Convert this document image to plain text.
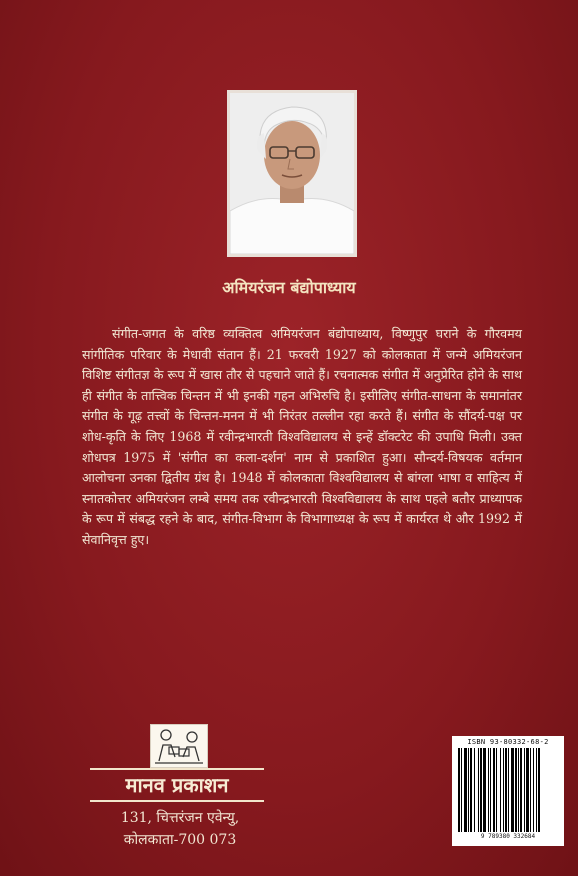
अमियरंजन बंद्योपाध्याय
संगीत-जगत के वरिष्ठ व्यक्तित्व अमियरंजन बंद्योपाध्याय, विष्णुपुर घराने के गौरवमय सांगीतिक परिवार के मेधावी संतान हैं। 21 फरवरी 1927 को कोलकाता में जन्मे अमियरंजन विशिष्ट संगीतज्ञ के रूप में खास तौर से पहचाने जाते हैं। रचनात्मक संगीत में अनुप्रेरित होने के साथ ही संगीत के तात्त्विक चिन्तन में भी इनकी गहन अभिरुचि है। इसीलिए संगीत-साधना के समानांतर संगीत के गूढ़ तत्त्वों के चिन्तन-मनन में भी निरंतर तल्लीन रहा करते हैं। संगीत के सौंदर्य-पक्ष पर शोध-कृति के लिए 1968 में रवीन्द्रभारती विश्वविद्यालय से इन्हें डॉक्टरेट की उपाधि मिली। उक्त शोधपत्र 1975 में 'संगीत का कला-दर्शन' नाम से प्रकाशित हुआ। सौन्दर्य-विषयक वर्तमान आलोचना उनका द्वितीय ग्रंथ है। 1948 में कोलकाता विश्वविद्यालय से बांग्ला भाषा व साहित्य में स्नातकोत्तर अमियरंजन लम्बे समय तक रवीन्द्रभारती विश्वविद्यालय के साथ पहले बतौर प्राध्यापक के रूप में संबद्ध रहने के बाद, संगीत-विभाग के विभागाध्यक्ष के रूप में कार्यरत थे और 1992 में सेवानिवृत्त हुए।
मानव प्रकाशन
131, चित्तरंजन एवेन्यु,
कोलकाता-700 073
ISBN 93-80332-68-2
9 789380 332684
